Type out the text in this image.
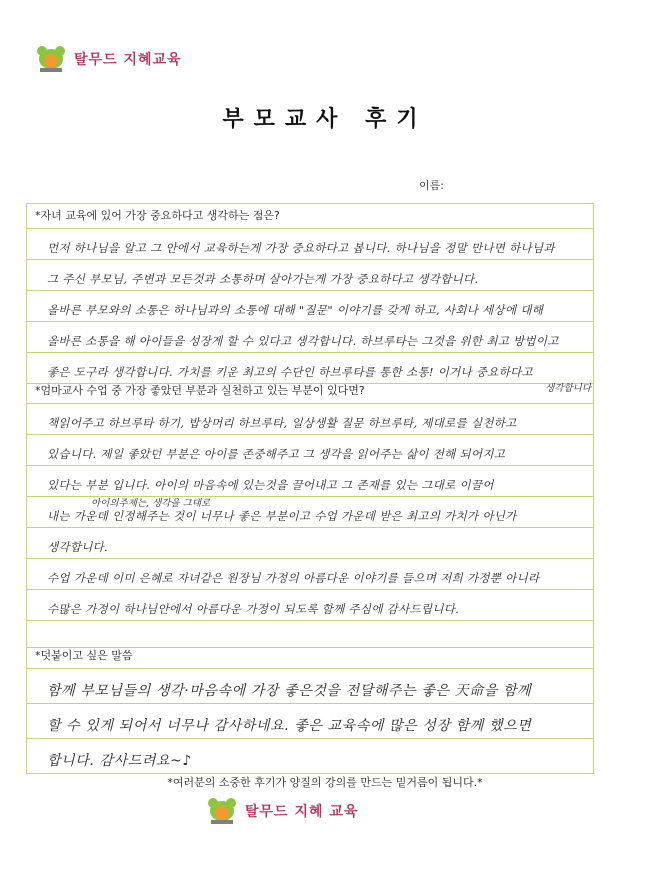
탈무드 지혜교육
부모교사 후기
이름:
*자녀 교육에 있어 가장 중요하다고 생각하는 점은?
먼저 하나님을 알고 그 안에서 교육하는게 가장 중요하다고 봅니다. 하나님을 정말 만나면 하나님과
그 주신 부모님, 주변과 모든것과 소통하며 살아가는게 가장 중요하다고 생각합니다.
올바른 부모와의 소통은 하나님과의 소통에 대해 "질문" 이야기를 갖게 하고, 사회나 세상에 대해
올바른 소통을 해 아이들을 성장게 할 수 있다고 생각합니다. 하브루타는 그것을 위한 최고 방법이고
좋은 도구라 생각합니다. 가치를 키운 최고의 수단인 하브루타를 통한 소통! 이거나 중요하다고
생각합니다
*엄마교사 수업 중 가장 좋았던 부분과 실천하고 있는 부분이 있다면?
책읽어주고 하브루타 하기, 밥상머리 하브루타, 일상생활 질문 하브루타, 제대로를 실천하고
있습니다. 제일 좋았던 부분은 아이를 존중해주고 그 생각을 읽어주는 삶이 전해 되어지고
있다는 부분 입니다. 아이의 마음속에 있는것을 끌어내고 그 존재를 있는 그대로 이끌어
아이의주제는, 생각을 그대로
내는 가운데 인정해주는 것이 너무나 좋은 부분이고 수업 가운데 받은 최고의 가치가 아닌가
생각합니다.
수업 가운데 이미 은혜로 자녀같은 원장님 가정의 아름다운 이야기를 들으며 저희 가정뿐 아니라
수많은 가정이 하나님안에서 아름다운 가정이 되도록 함께 주심에 감사드립니다.
*덧붙이고 싶은 말씀
함께 부모님들의 생각·마음속에 가장 좋은것을 전달해주는 좋은 天命을 함께
할 수 있게 되어서 너무나 감사하네요. 좋은 교육속에 많은 성장 함께 했으면
합니다. 감사드려요~♪
*여러분의 소중한 후기가 양질의 강의를 만드는 밑거름이 됩니다.*
탈무드 지혜 교육
